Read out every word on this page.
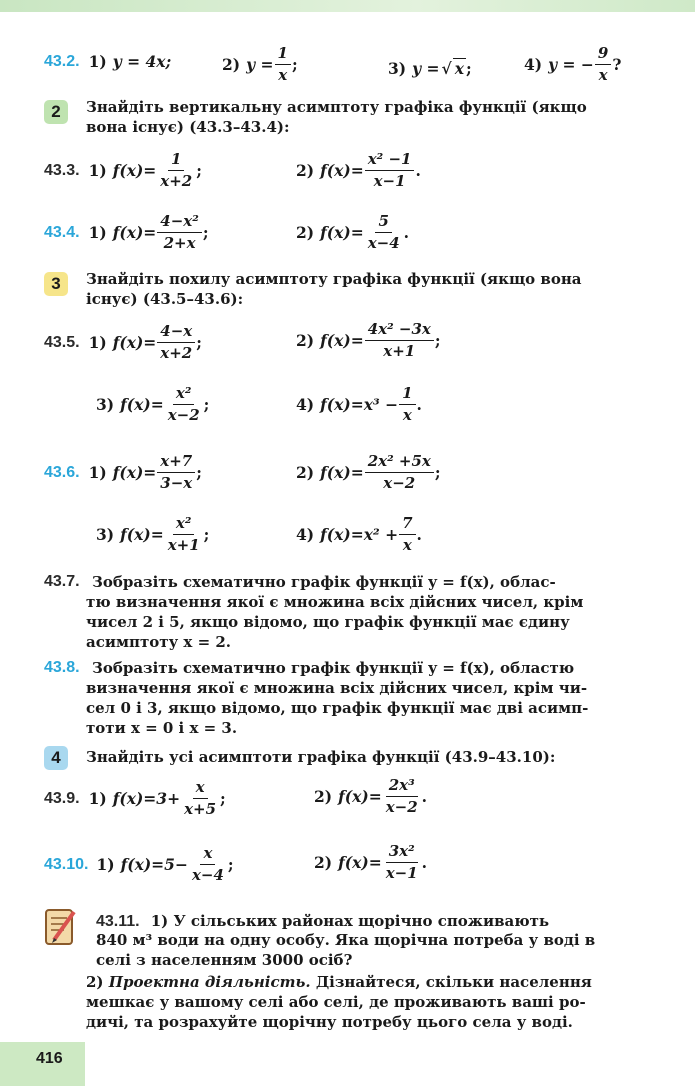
43.2. 1) y = 4x;	2) $y = \frac{1}{x}$ ;	3) y = √ x ;	4) y = − $\frac{9}{x}$ ?
2	Знайдіть вертикальну асимптоту графіка функції (якщо
вона існує) (43.3–43.4):
43.3. 1) $f(x)= \frac{1}{x+2}$ ;	2) $f(x)= \frac{\text{x² −1}}{x-1}$ .
43.4. 1) $f(x)= \frac{\text{4−x²}}{2+x}$ ;	2) $f(x)= \frac{5}{x-4}$ .
3	Знайдіть похилу асимптоту графіка функції (якщо вона
існує) (43.5–43.6):
43.5. 1) $f(x)= \frac{4-x}{x+2}$ ;	2) $f(x)= \frac{\text{4x² −3x}}{x+1}$ ;
3) $f(x)= \frac{\text{x²}}{x-2}$ ;	4) $f(x)=x^3 - \frac{1}{x}$ .
43.6. 1) $f(x)= \frac{x+7}{3-x}$ ;	2) $f(x)= \frac{\text{2x² +5x}}{x-2}$ ;
3) $f(x)= \frac{\text{x²}}{x+1}$ ;	4) $f(x)=x^2 + \frac{7}{x}$ .
43.7. Зобразіть схематично графік функції y = f(x), облас-
тю визначення якої є множина всіх дійсних чисел, крім
чисел 2 і 5, якщо відомо, що графік функції має єдину
асимптоту x = 2.
43.8. Зобразіть схематично графік функції y = f(x), областю
визначення якої є множина всіх дійсних чисел, крім чи-
сел 0 і 3, якщо відомо, що графік функції має дві асимп-
тоти x = 0 і x = 3.
4	Знайдіть усі асимптоти графіка функції (43.9–43.10):
43.9. 1) $f(x)=3+ \frac{x}{x+5}$ ;	2) $f(x)= \frac{\text{2x³}}{x-2}$ .
43.10. 1) $f(x)=5- \frac{x}{x-4}$ ;	2) $f(x)= \frac{\text{3x²}}{x-1}$ .
43.11. 1) У сільських районах щорічно споживають
840 м³ води на одну особу. Яка щорічна потреба у воді в
селі з населенням 3000 осіб?
2) Проектна діяльність. Дізнайтеся, скільки населення
мешкає у вашому селі або селі, де проживають ваші ро-
дичі, та розрахуйте щорічну потребу цього села у воді.
416
